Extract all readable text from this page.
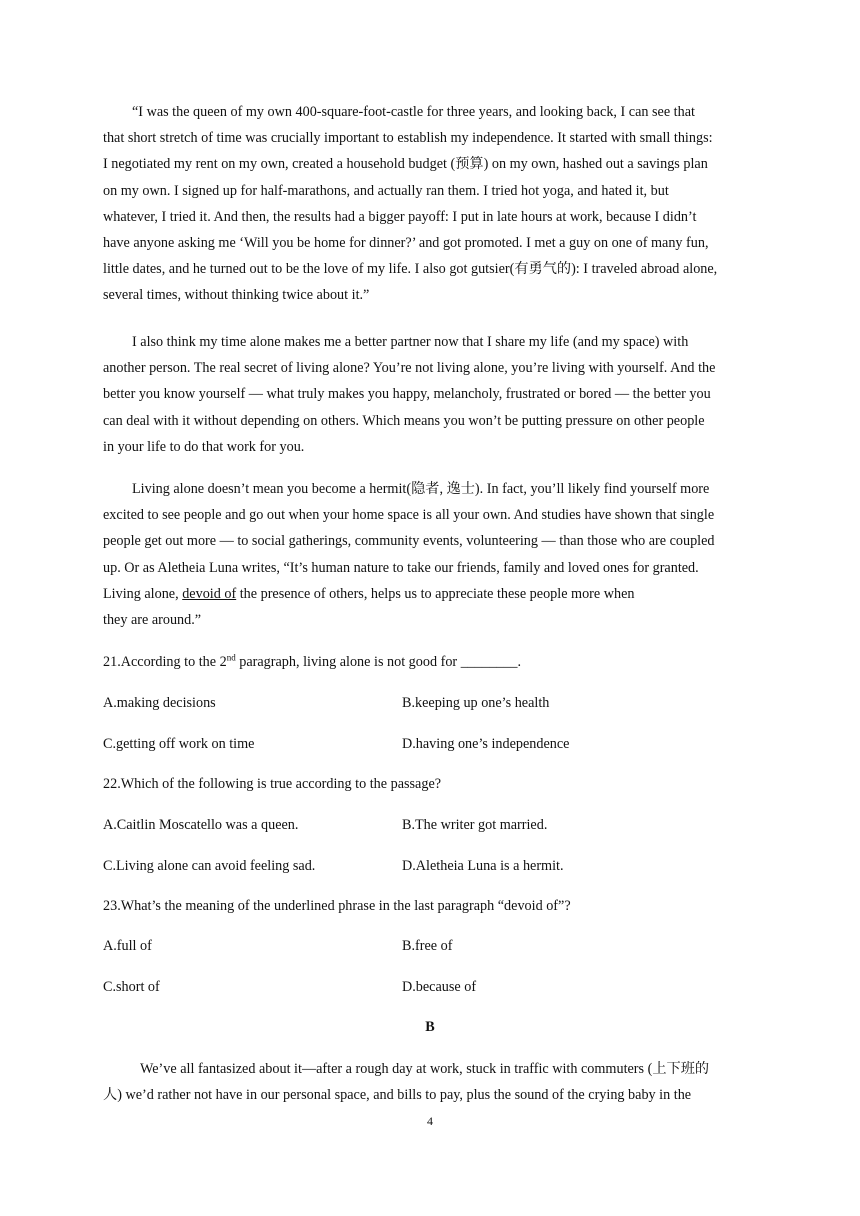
“I was the queen of my own 400-square-foot-castle for three years, and looking back, I can see that
that short stretch of time was crucially important to establish my independence. It started with small things:
I negotiated my rent on my own, created a household budget (预算) on my own, hashed out a savings plan
on my own. I signed up for half-marathons, and actually ran them. I tried hot yoga, and hated it, but
whatever, I tried it. And then, the results had a bigger payoff: I put in late hours at work, because I didn’t
have anyone asking me ‘Will you be home for dinner?’ and got promoted. I met a guy on one of many fun,
little dates, and he turned out to be the love of my life. I also got gutsier(有勇气的): I traveled abroad alone,
several times, without thinking twice about it.”
I also think my time alone makes me a better partner now that I share my life (and my space) with
another person. The real secret of living alone? You’re not living alone, you’re living with yourself. And the
better you know yourself — what truly makes you happy, melancholy, frustrated or bored — the better you
can deal with it without depending on others. Which means you won’t be putting pressure on other people
in your life to do that work for you.
Living alone doesn’t mean you become a hermit(隐者, 逸士). In fact, you’ll likely find yourself more
excited to see people and go out when your home space is all your own. And studies have shown that single
people get out more — to social gatherings, community events, volunteering — than those who are coupled
up. Or as Aletheia Luna writes, “It’s human nature to take our friends, family and loved ones for granted.
Living alone, devoid of the presence of others, helps us to appreciate these people more when
they are around.”
21.According to the 2nd paragraph, living alone is not good for ________.
A.making decisions	B.keeping up one’s health
C.getting off work on time	D.having one’s independence
22.Which of the following is true according to the passage?
A.Caitlin Moscatello was a queen.	B.The writer got married.
C.Living alone can avoid feeling sad.	D.Aletheia Luna is a hermit.
23.What’s the meaning of the underlined phrase in the last paragraph “devoid of”?
A.full of	B.free of
C.short of	D.because of
B
We’ve all fantasized about it—after a rough day at work, stuck in traffic with commuters (上下班的
人) we’d rather not have in our personal space, and bills to pay, plus the sound of the crying baby in the
4
